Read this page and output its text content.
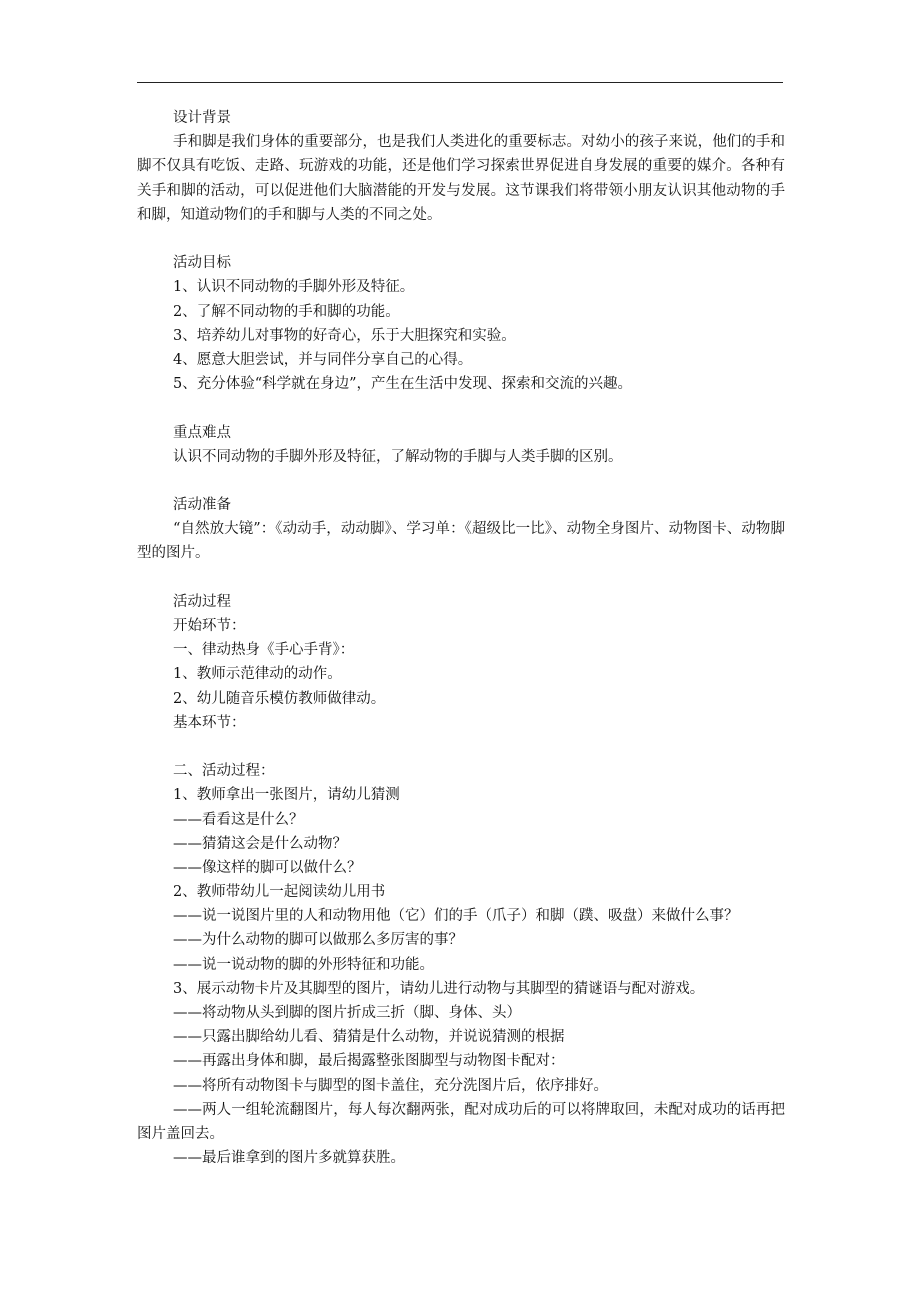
设计背景
手和脚是我们身体的重要部分，也是我们人类进化的重要标志。对幼小的孩子来说，他们的手和脚不仅具有吃饭、走路、玩游戏的功能，还是他们学习探索世界促进自身发展的重要的媒介。各种有关手和脚的活动，可以促进他们大脑潜能的开发与发展。这节课我们将带领小朋友认识其他动物的手和脚，知道动物们的手和脚与人类的不同之处。
活动目标
1、认识不同动物的手脚外形及特征。
2、了解不同动物的手和脚的功能。
3、培养幼儿对事物的好奇心，乐于大胆探究和实验。
4、愿意大胆尝试，并与同伴分享自己的心得。
5、充分体验“科学就在身边”，产生在生活中发现、探索和交流的兴趣。
重点难点
认识不同动物的手脚外形及特征，了解动物的手脚与人类手脚的区别。
活动准备
“自然放大镜”：《动动手，动动脚》、学习单：《超级比一比》、动物全身图片、动物图卡、动物脚型的图片。
活动过程
开始环节：
一、律动热身《手心手背》：
1、教师示范律动的动作。
2、幼儿随音乐模仿教师做律动。
基本环节：
二、活动过程：
1、教师拿出一张图片，请幼儿猜测
——看看这是什么？
——猜猜这会是什么动物？
——像这样的脚可以做什么？
2、教师带幼儿一起阅读幼儿用书
——说一说图片里的人和动物用他（它）们的手（爪子）和脚（蹼、吸盘）来做什么事？
——为什么动物的脚可以做那么多厉害的事？
——说一说动物的脚的外形特征和功能。
3、展示动物卡片及其脚型的图片，请幼儿进行动物与其脚型的猜谜语与配对游戏。
——将动物从头到脚的图片折成三折（脚、身体、头）
——只露出脚给幼儿看、猜猜是什么动物，并说说猜测的根据
——再露出身体和脚，最后揭露整张图脚型与动物图卡配对：
——将所有动物图卡与脚型的图卡盖住，充分洗图片后，依序排好。
——两人一组轮流翻图片，每人每次翻两张，配对成功后的可以将牌取回，未配对成功的话再把图片盖回去。
——最后谁拿到的图片多就算获胜。
